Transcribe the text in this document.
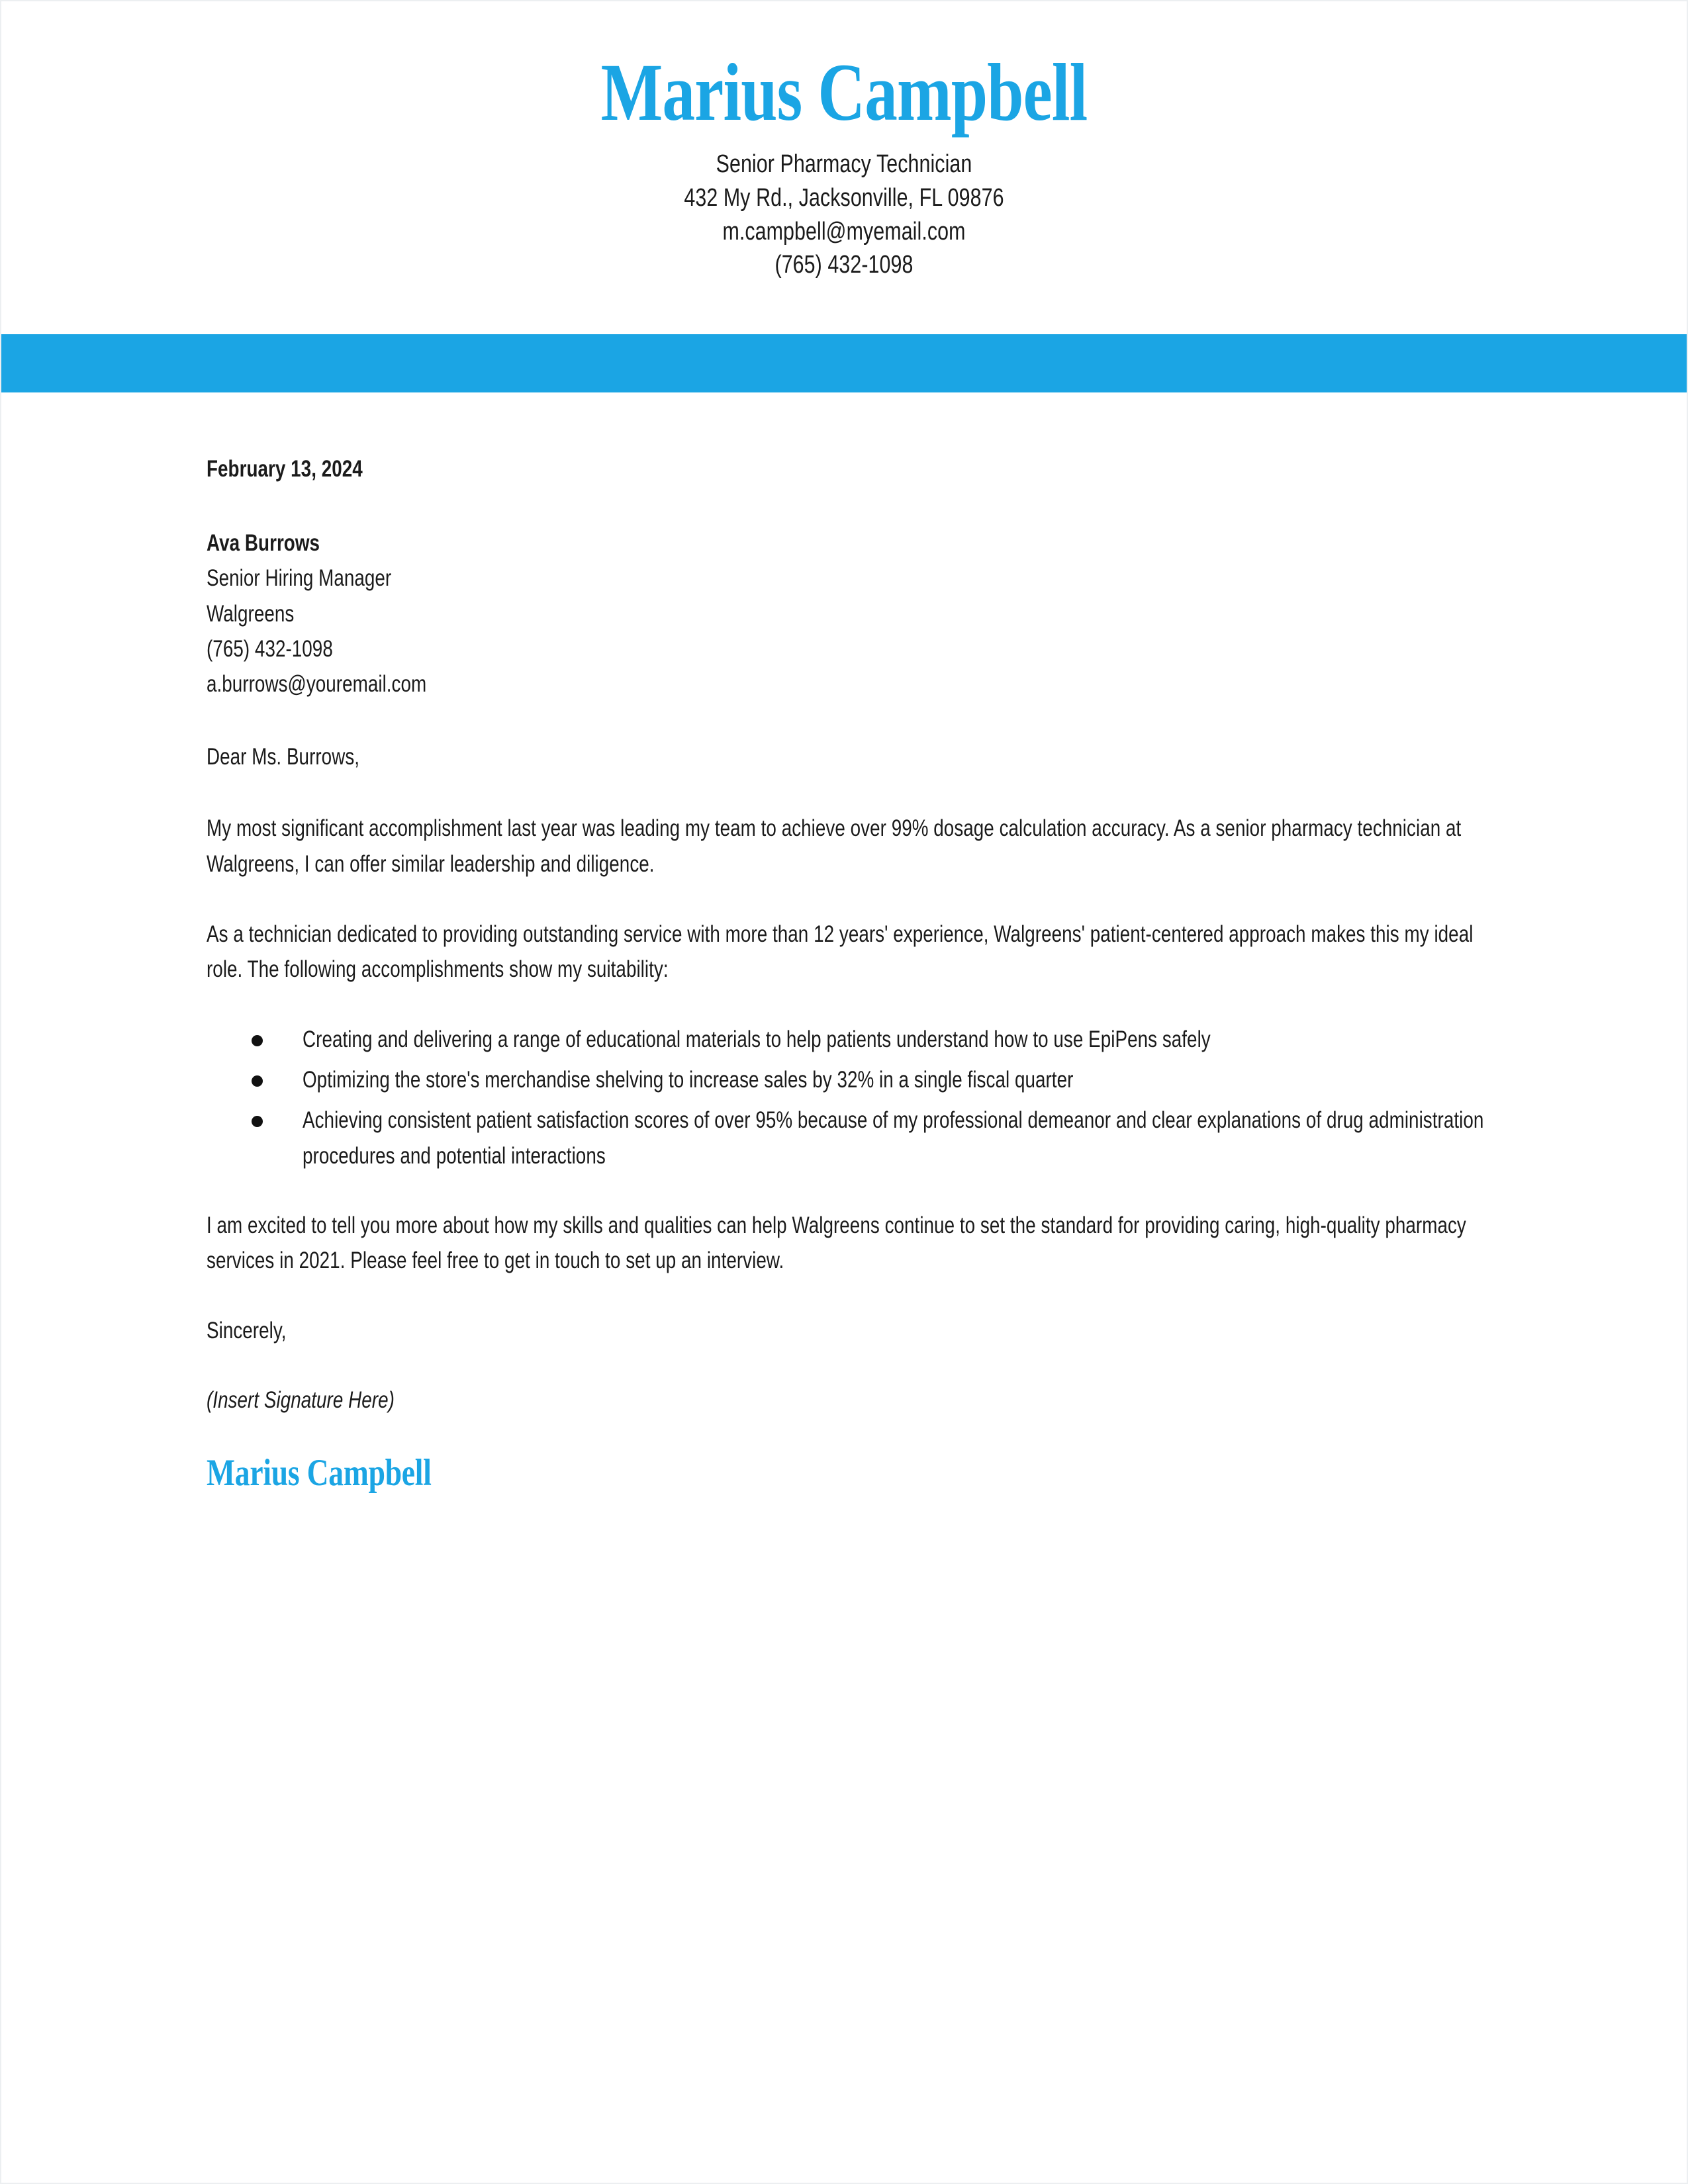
Marius Campbell
Senior Pharmacy Technician
432 My Rd., Jacksonville, FL 09876
m.campbell@myemail.com
(765) 432-1098
February 13, 2024
Ava Burrows
Senior Hiring Manager
Walgreens
(765) 432-1098
a.burrows@youremail.com
Dear Ms. Burrows,
My most significant accomplishment last year was leading my team to achieve over 99% dosage calculation accuracy. As a senior pharmacy technician at Walgreens, I can offer similar leadership and diligence.
As a technician dedicated to providing outstanding service with more than 12 years' experience, Walgreens' patient-centered approach makes this my ideal role. The following accomplishments show my suitability:
Creating and delivering a range of educational materials to help patients understand how to use EpiPens safely
Optimizing the store's merchandise shelving to increase sales by 32% in a single fiscal quarter
Achieving consistent patient satisfaction scores of over 95% because of my professional demeanor and clear explanations of drug administration procedures and potential interactions
I am excited to tell you more about how my skills and qualities can help Walgreens continue to set the standard for providing caring, high-quality pharmacy services in 2021. Please feel free to get in touch to set up an interview.
Sincerely,
(Insert Signature Here)
Marius Campbell
